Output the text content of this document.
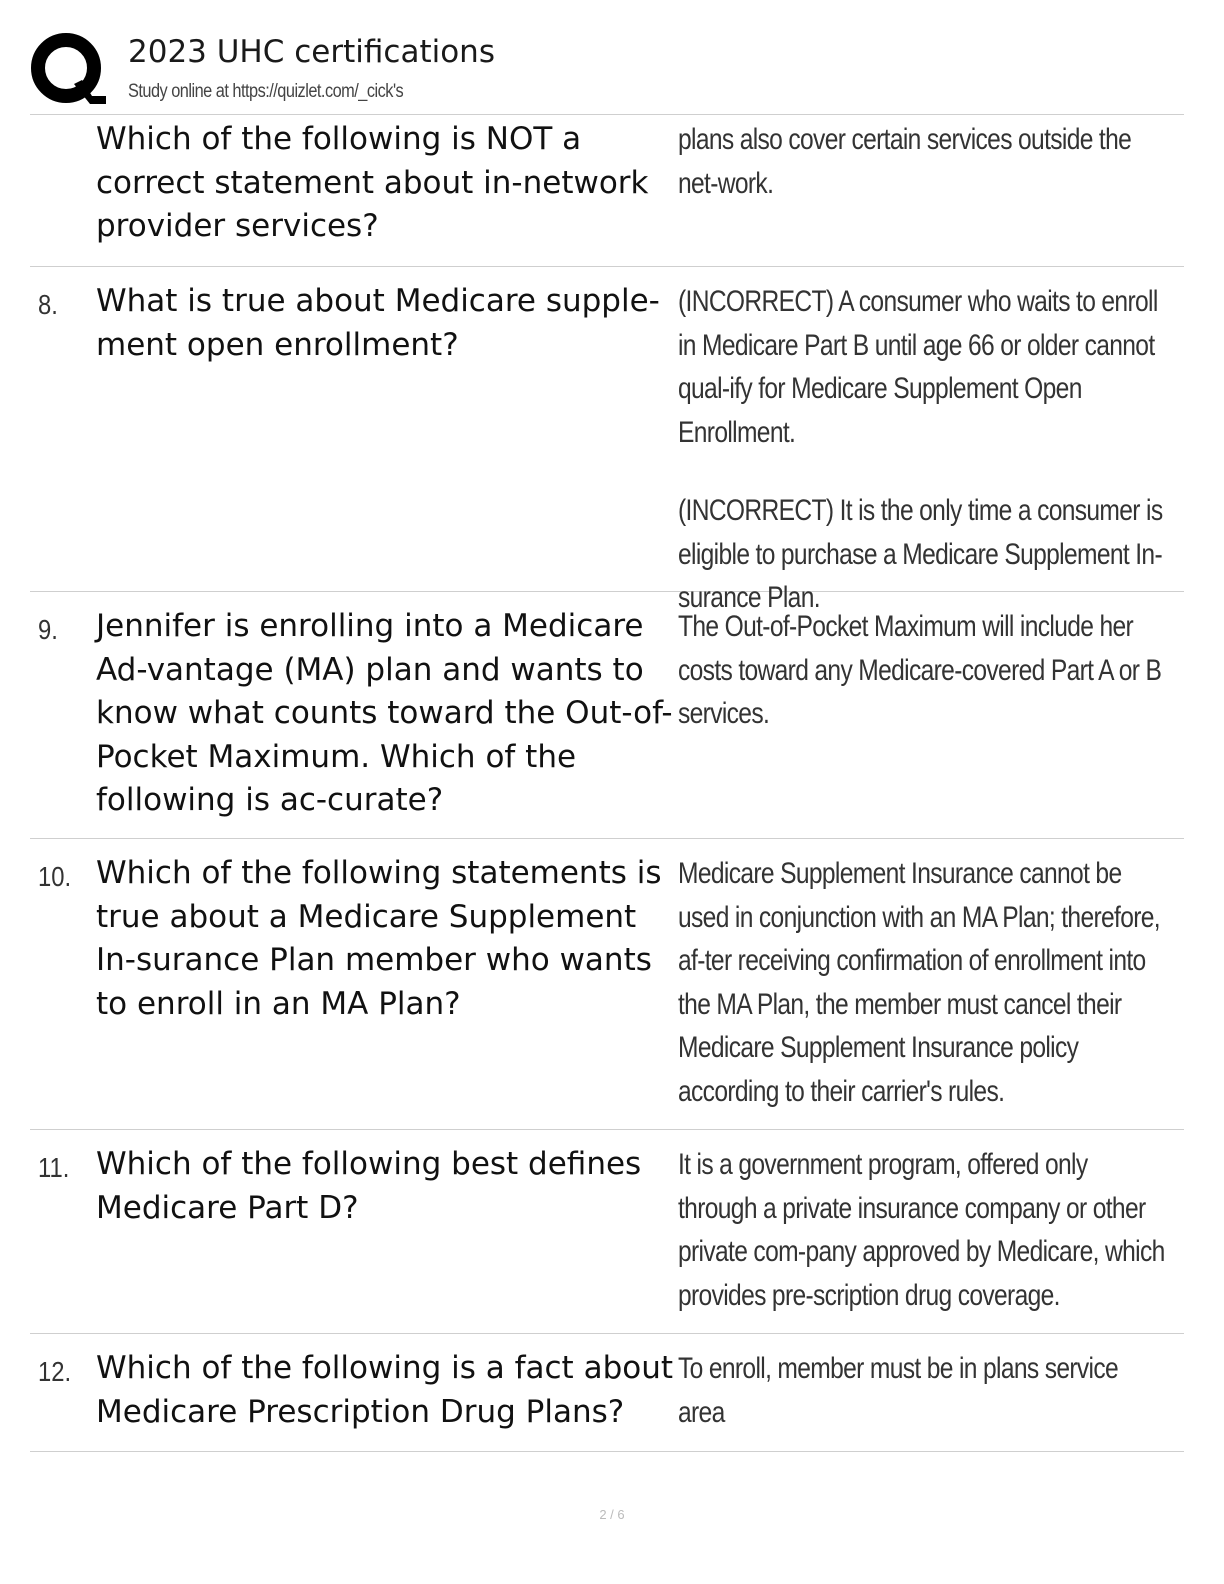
2023 UHC certifications
Study online at https://quizlet.com/_cick's
Which of the following is NOT a correct statement about in-network provider services?

plans also cover certain services outside the net-work.

8. What is true about Medicare supple-ment open enrollment?

(INCORRECT) A consumer who waits to enroll in Medicare Part B until age 66 or older cannot qual-ify for Medicare Supplement Open Enrollment.

(INCORRECT) It is the only time a consumer is eligible to purchase a Medicare Supplement In-surance Plan.

9. Jennifer is enrolling into a Medicare Ad-vantage (MA) plan and wants to know what counts toward the Out-of-Pocket Maximum. Which of the following is ac-curate?

The Out-of-Pocket Maximum will include her costs toward any Medicare-covered Part A or B services.

10. Which of the following statements is true about a Medicare Supplement In-surance Plan member who wants to enroll in an MA Plan?

Medicare Supplement Insurance cannot be used in conjunction with an MA Plan; therefore, af-ter receiving confirmation of enrollment into the MA Plan, the member must cancel their Medicare Supplement Insurance policy according to their carrier's rules.

11. Which of the following best defines Medicare Part D?

It is a government program, offered only through a private insurance company or other private com-pany approved by Medicare, which provides pre-scription drug coverage.

12. Which of the following is a fact about Medicare Prescription Drug Plans?

To enroll, member must be in plans service area

2 / 6
